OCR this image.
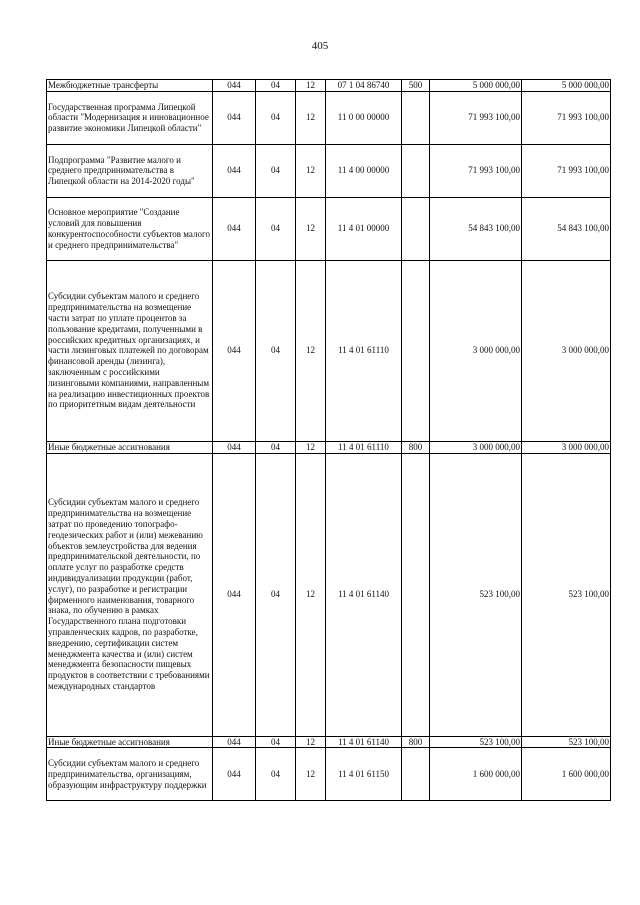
405
Межбюджетные трансферты	044	04	12	07 1 04 86740	500	5 000 000,00	5 000 000,00
Государственная программа Липецкой области "Модернизация и инновационное развитие экономики Липецкой области"	044	04	12	11 0 00 00000		71 993 100,00	71 993 100,00
Подпрограмма "Развитие малого и среднего предпринимательства в Липецкой области на 2014-2020 годы"	044	04	12	11 4 00 00000		71 993 100,00	71 993 100,00
Основное мероприятие "Создание условий для повышения конкурентоспособности субъектов малого и среднего предпринимательства"	044	04	12	11 4 01 00000		54 843 100,00	54 843 100,00
Субсидии субъектам малого и среднего предпринимательства на возмещение части затрат по уплате процентов за пользование кредитами, полученными в российских кредитных организациях, и части лизинговых платежей по договорам финансовой аренды (лизинга), заключенным с российскими лизинговыми компаниями, направленным на реализацию инвестиционных проектов по приоритетным видам деятельности	044	04	12	11 4 01 61110		3 000 000,00	3 000 000,00
Иные бюджетные ассигнования	044	04	12	11 4 01 61110	800	3 000 000,00	3 000 000,00
Субсидии субъектам малого и среднего предпринимательства на возмещение затрат по проведению топографо-геодезических работ и (или) межеванию объектов землеустройства для ведения предпринимательской деятельности, по оплате услуг по разработке средств индивидуализации продукции (работ, услуг), по разработке и регистрации фирменного наименования, товарного знака, по обучению в рамках Государственного плана подготовки управленческих кадров, по разработке, внедрению, сертификации систем менеджмента качества и (или) систем менеджмента безопасности пищевых продуктов в соответствии с требованиями международных стандартов	044	04	12	11 4 01 61140		523 100,00	523 100,00
Иные бюджетные ассигнования	044	04	12	11 4 01 61140	800	523 100,00	523 100,00
Субсидии субъектам малого и среднего предпринимательства, организациям, образующим инфраструктуру поддержки	044	04	12	11 4 01 61150		1 600 000,00	1 600 000,00
